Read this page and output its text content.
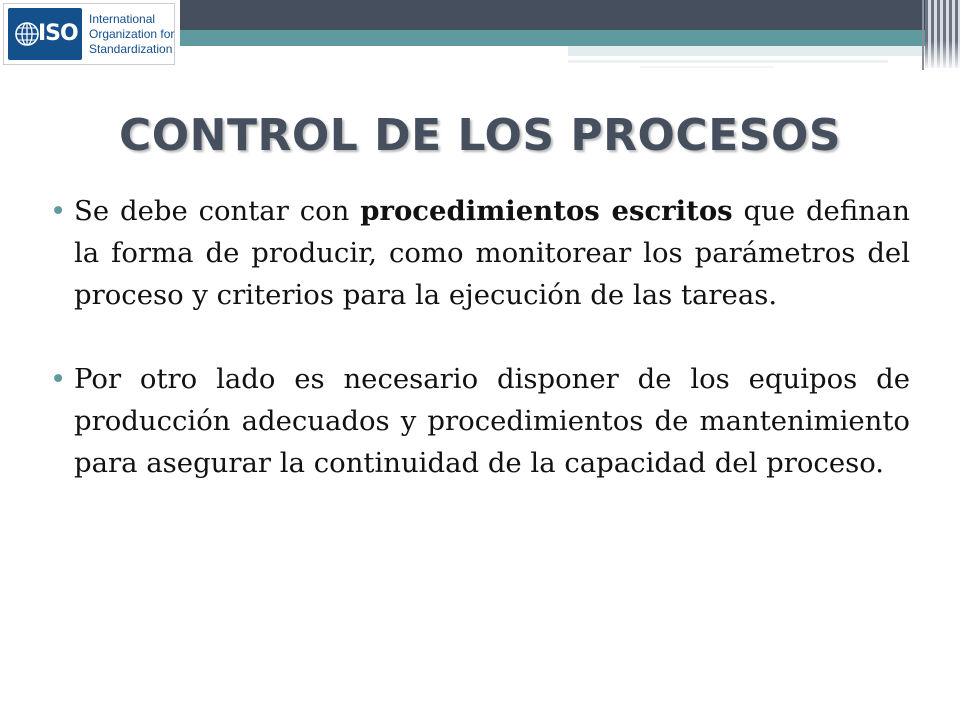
ISO
International
Organization for
Standardization
CONTROL DE LOS PROCESOS

• Se debe contar con procedimientos escritos que definan la forma de producir, como monitorear los parámetros del proceso y criterios para la ejecución de las tareas.

• Por otro lado es necesario disponer de los equipos de producción adecuados y procedimientos de mantenimiento para asegurar la continuidad de la capacidad del proceso.
